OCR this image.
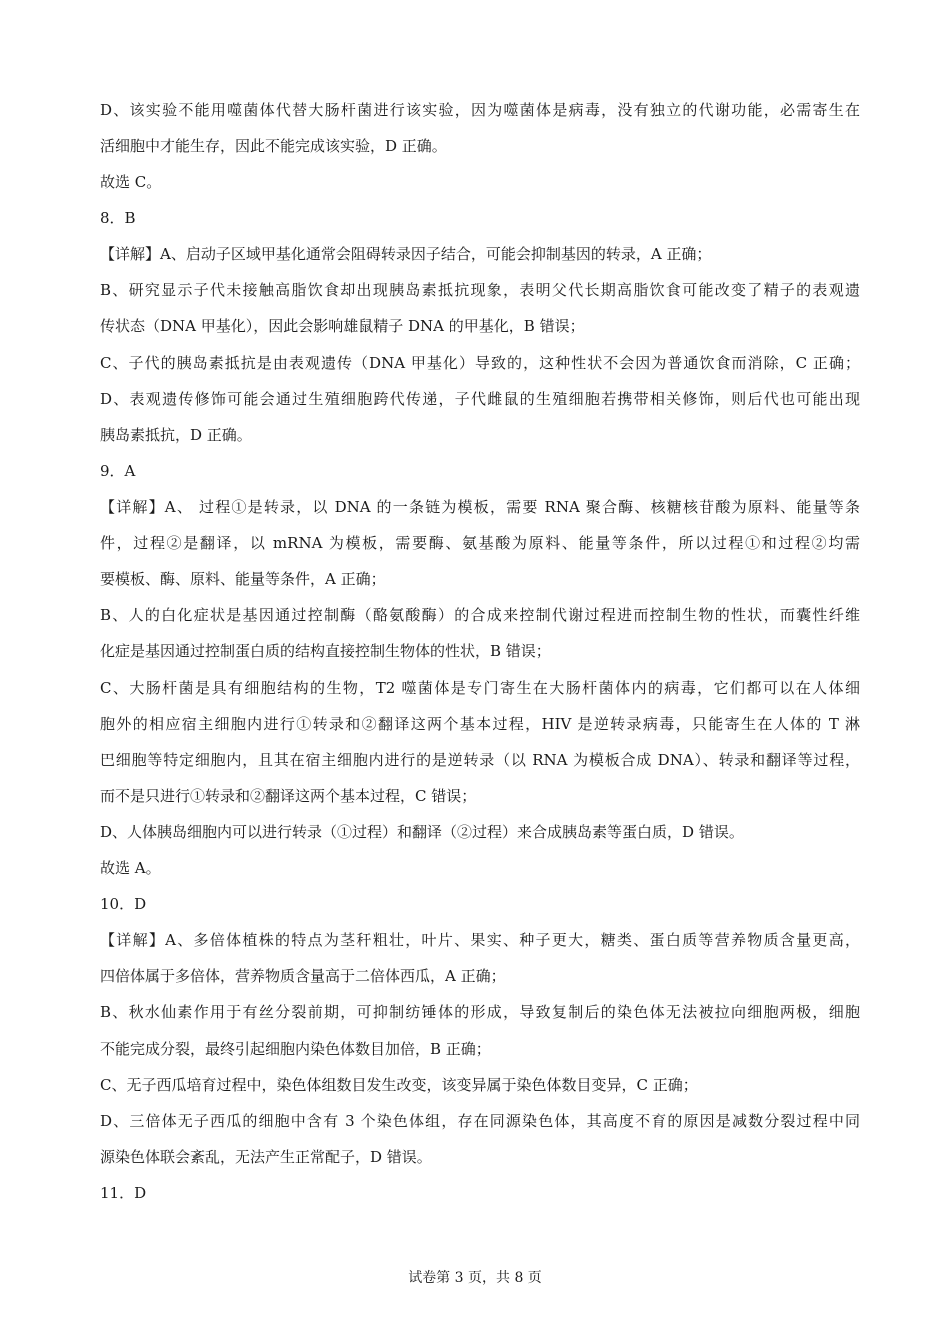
D、该实验不能用噬菌体代替大肠杆菌进行该实验，因为噬菌体是病毒，没有独立的代谢功能，必需寄生在
活细胞中才能生存，因此不能完成该实验，D 正确。
故选 C。
8．B
【详解】A、启动子区域甲基化通常会阻碍转录因子结合，可能会抑制基因的转录，A 正确；
B、研究显示子代未接触高脂饮食却出现胰岛素抵抗现象，表明父代长期高脂饮食可能改变了精子的表观遗
传状态（DNA 甲基化），因此会影响雄鼠精子 DNA 的甲基化，B 错误；
C、子代的胰岛素抵抗是由表观遗传（DNA 甲基化）导致的，这种性状不会因为普通饮食而消除，C 正确；
D、表观遗传修饰可能会通过生殖细胞跨代传递，子代雌鼠的生殖细胞若携带相关修饰，则后代也可能出现
胰岛素抵抗，D 正确。
9．A
【详解】A、 过程①是转录，以 DNA 的一条链为模板，需要 RNA 聚合酶、核糖核苷酸为原料、能量等条
件，过程②是翻译，以 mRNA 为模板，需要酶、氨基酸为原料、能量等条件，所以过程①和过程②均需
要模板、酶、原料、能量等条件，A 正确；
B、人的白化症状是基因通过控制酶（酪氨酸酶）的合成来控制代谢过程进而控制生物的性状，而囊性纤维
化症是基因通过控制蛋白质的结构直接控制生物体的性状，B 错误；
C、大肠杆菌是具有细胞结构的生物，T2 噬菌体是专门寄生在大肠杆菌体内的病毒，它们都可以在人体细
胞外的相应宿主细胞内进行①转录和②翻译这两个基本过程，HIV 是逆转录病毒，只能寄生在人体的 T 淋
巴细胞等特定细胞内，且其在宿主细胞内进行的是逆转录（以 RNA 为模板合成 DNA）、转录和翻译等过程，
而不是只进行①转录和②翻译这两个基本过程，C 错误；
D、人体胰岛细胞内可以进行转录（①过程）和翻译（②过程）来合成胰岛素等蛋白质，D 错误。
故选 A。
10．D
【详解】A、多倍体植株的特点为茎秆粗壮，叶片、果实、种子更大，糖类、蛋白质等营养物质含量更高，
四倍体属于多倍体，营养物质含量高于二倍体西瓜，A 正确；
B、秋水仙素作用于有丝分裂前期，可抑制纺锤体的形成，导致复制后的染色体无法被拉向细胞两极，细胞
不能完成分裂，最终引起细胞内染色体数目加倍，B 正确；
C、无子西瓜培育过程中，染色体组数目发生改变，该变异属于染色体数目变异，C 正确；
D、三倍体无子西瓜的细胞中含有 3 个染色体组，存在同源染色体，其高度不育的原因是减数分裂过程中同
源染色体联会紊乱，无法产生正常配子，D 错误。
11．D
试卷第 3 页，共 8 页
